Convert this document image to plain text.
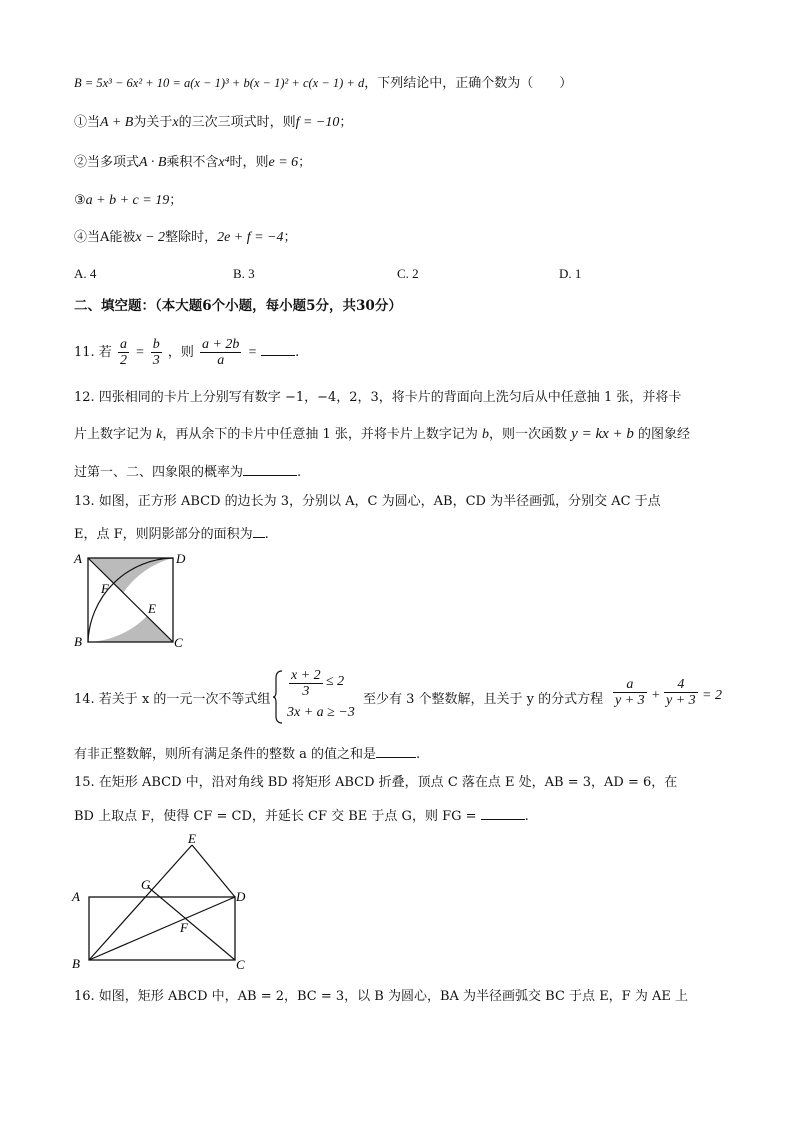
B = 5x³ − 6x² + 10 = a(x − 1)³ + b(x − 1)² + c(x − 1) + d，下列结论中，正确个数为（　　）
①当A + B为关于x的三次三项式时，则f = −10；
②当多项式A · B乘积不含x⁴时，则e = 6；
③a + b + c = 19；
④当A能被x − 2整除时，2e + f = −4；
A. 4	B. 3	C. 2	D. 1
二、填空题：（本大题6个小题，每小题5分，共30分）
11. 若 $\frac{a}{2} = \frac{b}{3}$ ，则 $\frac{a + 2b}{a}$ =	.
12. 四张相同的卡片上分别写有数字 −1，−4，2，3，将卡片的背面向上洗匀后从中任意抽 1 张，并将卡
片上数字记为 k，再从余下的卡片中任意抽 1 张，并将卡片上数字记为 b，则一次函数 y = kx + b 的图象经
过第一、二、四象限的概率为	.
13. 如图，正方形 ABCD 的边长为 3，分别以 A，C 为圆心，AB，CD 为半径画弧，分别交 AC 于点
E，点 F，则阴影部分的面积为 .
A	D
B	C
F
E
14. 若关于 x 的一元一次不等式组
$\frac{x + 2}{3} \le 2$
3x + a ≥ −3
至少有 3 个整数解，且关于 y 的分式方程 $\frac{a}{y + 3} + \frac{4}{y + 3} = 2$
有非正整数解，则所有满足条件的整数 a 的值之和是	.
15. 在矩形 ABCD 中，沿对角线 BD 将矩形 ABCD 折叠，顶点 C 落在点 E 处，AB = 3，AD = 6，在
BD 上取点 F，使得 CF = CD，并延长 CF 交 BE 于点 G，则 FG =	.
A	D
B	C
E
G
F
16. 如图，矩形 ABCD 中，AB = 2，BC = 3，以 B 为圆心，BA 为半径画弧交 BC 于点 E，F 为 AE 上
